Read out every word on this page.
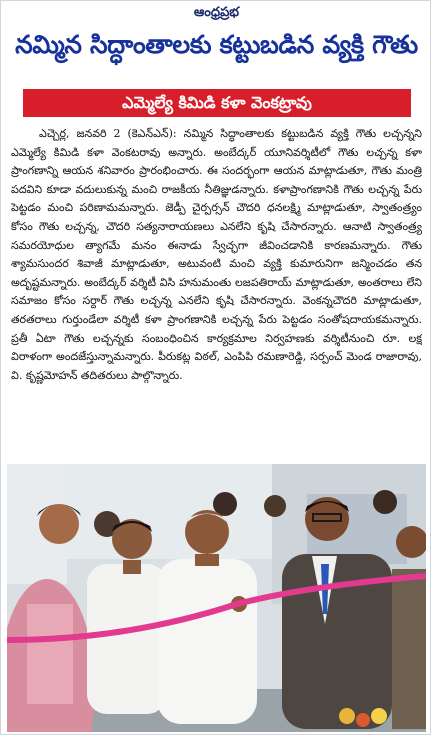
ఆంధ్రప్రభ
నమ్మిన సిద్ధాంతాలకు కట్టుబడిన వ్యక్తి గౌతు
ఎమ్మెల్యే కిమిడి కళా వెంకట్రావు

ఎచ్చెర్ల, జనవరి 2 (కెఎన్ఎన్): నమ్మిన సిద్ధాంతాలకు కట్టుబడిన వ్యక్తి గౌతు లచ్చన్నని ఎమ్మెల్యే కిమిడి కళా వెంకటరావు అన్నారు. అంబేద్కర్ యూనివర్శిటీలో గౌతు లచ్చన్న కళా ప్రాంగణాన్ని ఆయన శనివారం ప్రారంభించారు. ఈ సందర్భంగా ఆయన మాట్లాడుతూ, గౌతు మంత్రి పదవిని కూడా వదులుకున్న మంచి రాజకీయ నీతిజ్ఞుడన్నారు. కళాప్రాంగణానికి గౌతు లచ్చన్న పేరు పెట్టడం మంచి పరిణామమన్నారు. జెడ్పీ చైర్పర్సన్ చౌదరి ధనలక్ష్మి మాట్లాడుతూ, స్వాతంత్ర్యం కోసం గౌతు లచ్చన్న, చౌదరి సత్యనారాయణలు ఎనలేని కృషి చేసారన్నారు. ఆనాటి స్వాతంత్ర్య సమరయోధుల త్యాగమే మనం ఈనాడు స్వేచ్ఛగా జీవించడానికి కారణమన్నారు. గౌతు శ్యామసుందర శివాజీ మాట్లాడుతూ, అటువంటి మంచి వ్యక్తి కుమారునిగా జన్మించడం తన అదృష్టమన్నారు. అంబేద్కర్ వర్శిటీ విసి హనుమంతు లజపతిరాయ్ మాట్లాడుతూ, అంతరాలు లేని సమాజం కోసం సర్దార్ గౌతు లచ్చన్న ఎనలేని కృషి చేసారన్నారు. వెంకన్నచౌదరి మాట్లాడుతూ, తరతరాలు గుర్తుండేలా వర్శిటీ కళా ప్రాంగణానికి లచ్చన్న పేరు పెట్టడం సంతోషదాయకమన్నారు. ప్రతీ ఏటా గౌతు లచ్చన్నకు సంబంధించిన కార్యక్రమాల నిర్వహణకు వర్శిటీనుంచి రూ. లక్ష విరాళంగా అందజేస్తున్నామన్నారు. పీరుకట్ల విఠల్, ఎంపిపి రమణారెడ్డి, సర్పంచ్ మెండ రాజారావు, వి. కృష్ణమోహన్ తదితరులు పాల్గొన్నారు.
